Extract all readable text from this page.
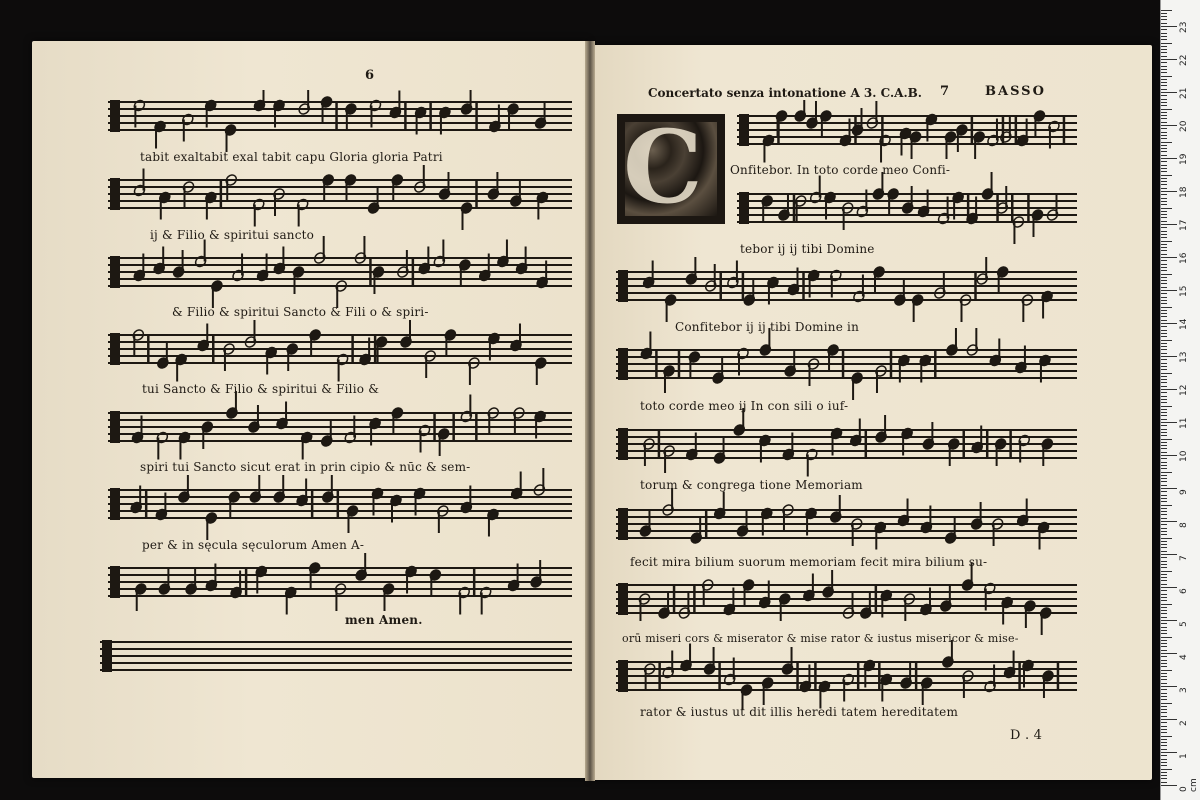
6
tabit exaltabit exal tabit capu Gloria gloria Patri
ij & Filio & spiritui sancto
& Filio & spiritui Sancto & Fili o & spiri-
tui Sancto & Filio & spiritui & Filio &
spiri tui Sancto sicut erat in prin cipio & nūc & sem-
per & in sęcula sęculorum Amen A-
men Amen.
Concertato senza intonatione A 3. C.A.B. 7	BASSO
C Onfitebor. In toto corde meo Confi-
tebor ij ij tibi Domine
Confitebor ij ij tibi Domine in
toto corde meo ij In con sili o iuf-
torum & congrega tione Memoriam
fecit mira bilium suorum memoriam fecit mira bilium su-
orū miseri cors & miserator & mise rator & iustus misericor & mise-
rator & iustus ut dit illis heredi tatem hereditatem
D . 4
23
22
21
20
19
18
17
16
15
14
13
12
11
10
9
8
7
6
5
4
3
2
1
0 cm
